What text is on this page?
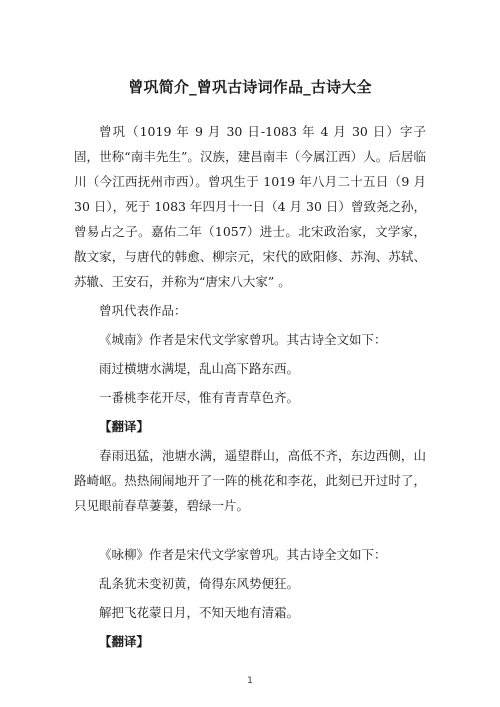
曾巩简介_曾巩古诗词作品_古诗大全

曾巩（1019 年 9 月 30 日-1083 年 4 月 30 日）字子固，世称“南丰先生”。汉族，建昌南丰（今属江西）人。后居临川（今江西抚州市西）。曾巩生于 1019 年八月二十五日（9 月 30 日），死于 1083 年四月十一日（4 月 30 日）曾致尧之孙，曾易占之子。嘉佑二年（1057）进士。北宋政治家，文学家，散文家，与唐代的韩愈、柳宗元，宋代的欧阳修、苏洵、苏轼、苏辙、王安石，并称为“唐宋八大家” 。

曾巩代表作品：

《城南》作者是宋代文学家曾巩。其古诗全文如下：

雨过横塘水满堤，乱山高下路东西。

一番桃李花开尽，惟有青青草色齐。

【翻译】

春雨迅猛，池塘水满，遥望群山，高低不齐，东边西侧，山路崎岖。热热闹闹地开了一阵的桃花和李花，此刻已开过时了，只见眼前春草萋萋，碧绿一片。

《咏柳》作者是宋代文学家曾巩。其古诗全文如下：

乱条犹未变初黄，倚得东风势便狂。

解把飞花蒙日月，不知天地有清霜。

【翻译】

1
